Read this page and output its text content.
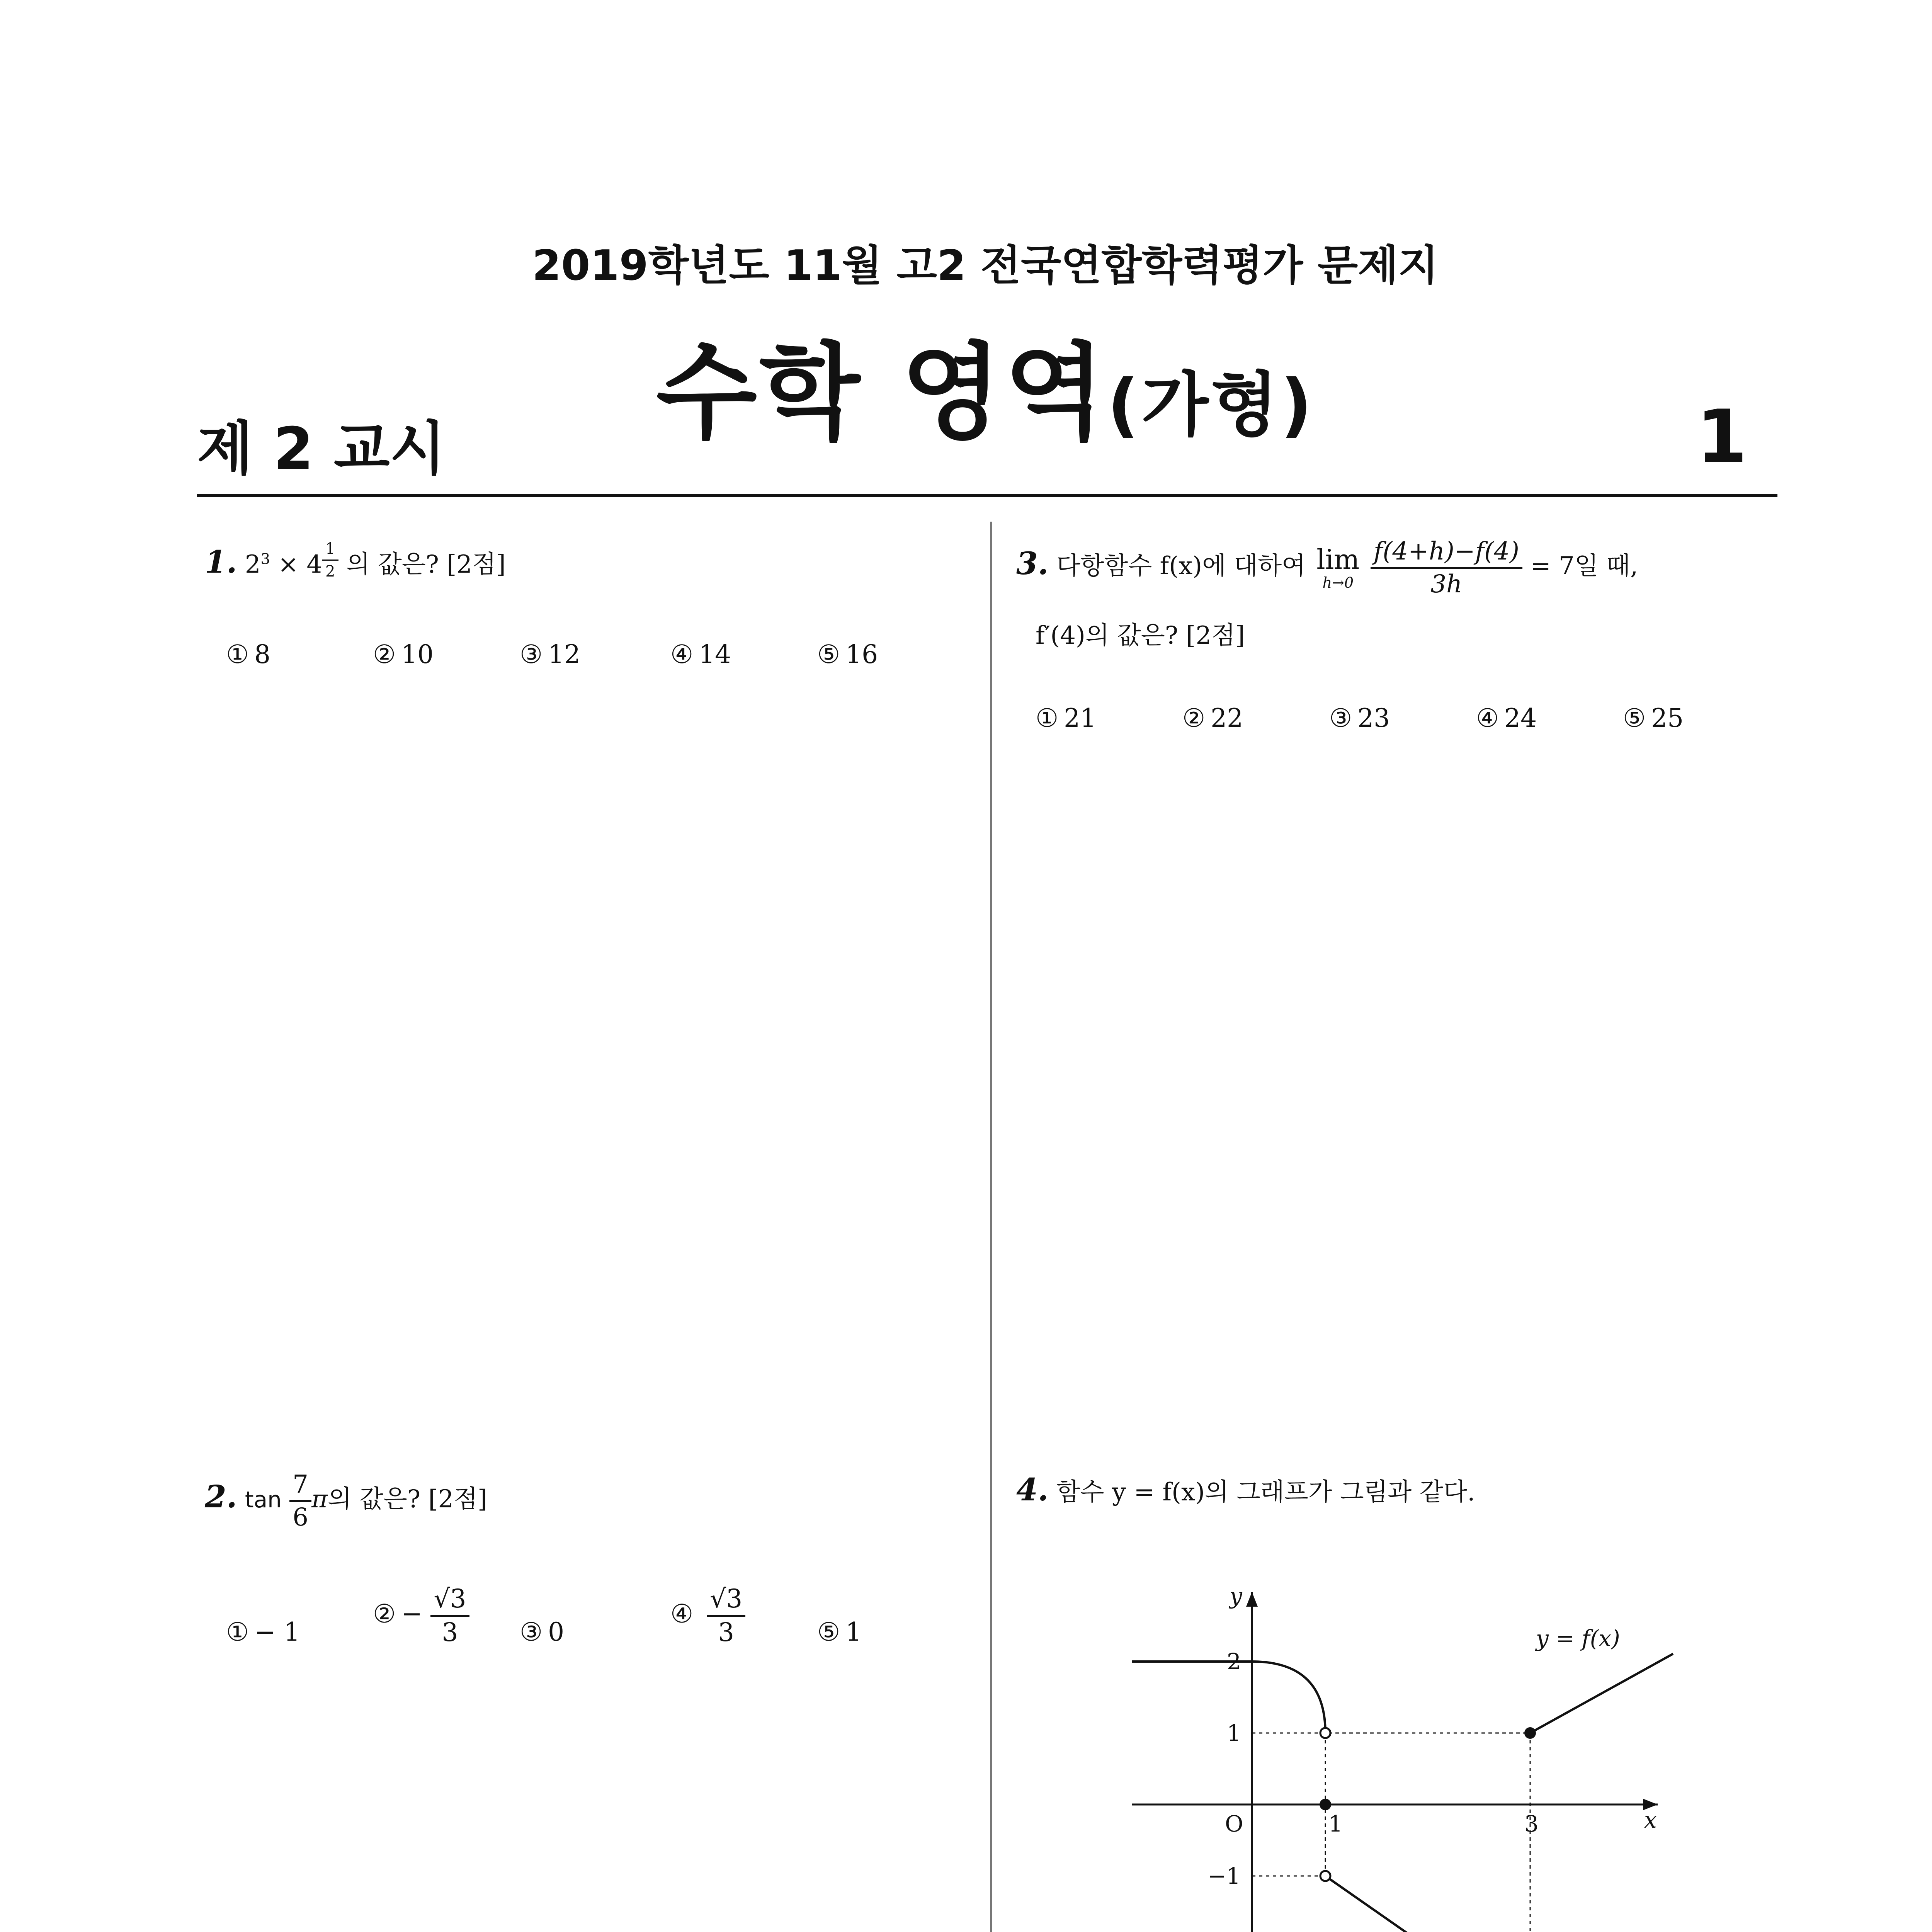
2019학년도 11월 고2 전국연합학력평가 문제지
수학 영역(가형)
제 2 교시	1
1. $2^3 \times 4$ $^{\frac{1}{2}}$ 의 값은? [2점]
① 8	② 10	③ 12	④ 14	⑤ 16
2. $\tan \frac{7}{6}$ π의 값은? [2점]
① − 1
② − $\frac{√3}{3}$ ③ 0
④ $\frac{√3}{3}$	⑤ 1
3. 다항함수 f(x)에 대하여 lim
h→0
$\frac{f(4+h)-f(4)}{3h} = 7$일 때,
f′(4)의 값은? [2점]
① 21	② 22	③ 23	④ 24	⑤ 25
4. 함수 y = f(x)의 그래프가 그림과 같다.
y
x
O
y = f(x)
1	3
2
1
−1
